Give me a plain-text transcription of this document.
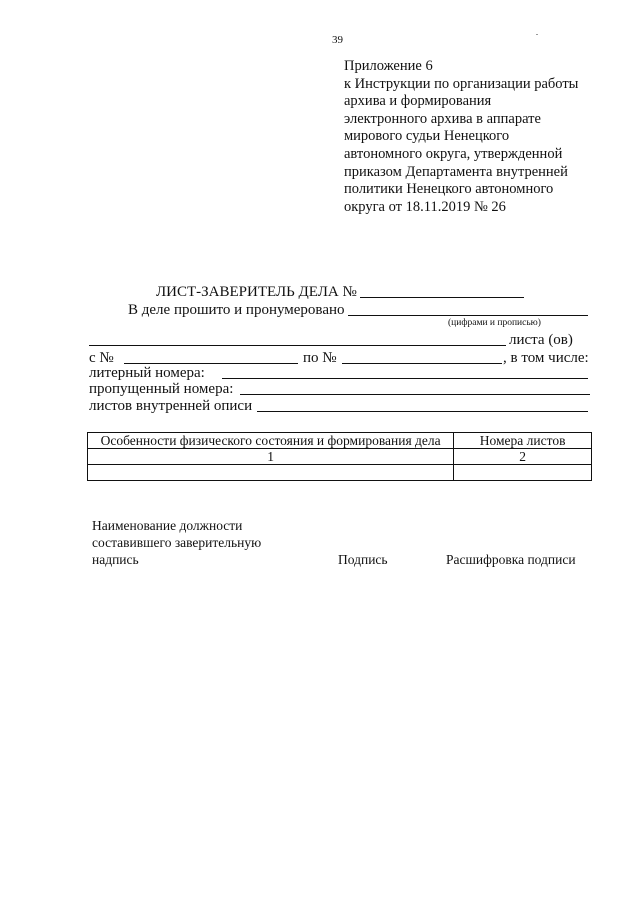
39
Приложение 6
к Инструкции по организации работы
архива и формирования
электронного архива в аппарате
мирового судьи Ненецкого
автономного округа, утвержденной
приказом Департамента внутренней
политики Ненецкого автономного
округа от 18.11.2019 № 26
ЛИСТ-ЗАВЕРИТЕЛЬ ДЕЛА №
В деле прошито и пронумеровано
(цифрами и прописью)
листа (ов)
с №	по №	, в том числе:
литерный номера:
пропущенный номера:
листов внутренней описи
Особенности физического состояния и формирования дела	Номера листов
1	2

Наименование должности
составившего заверительную
надпись	Подпись	Расшифровка подписи
